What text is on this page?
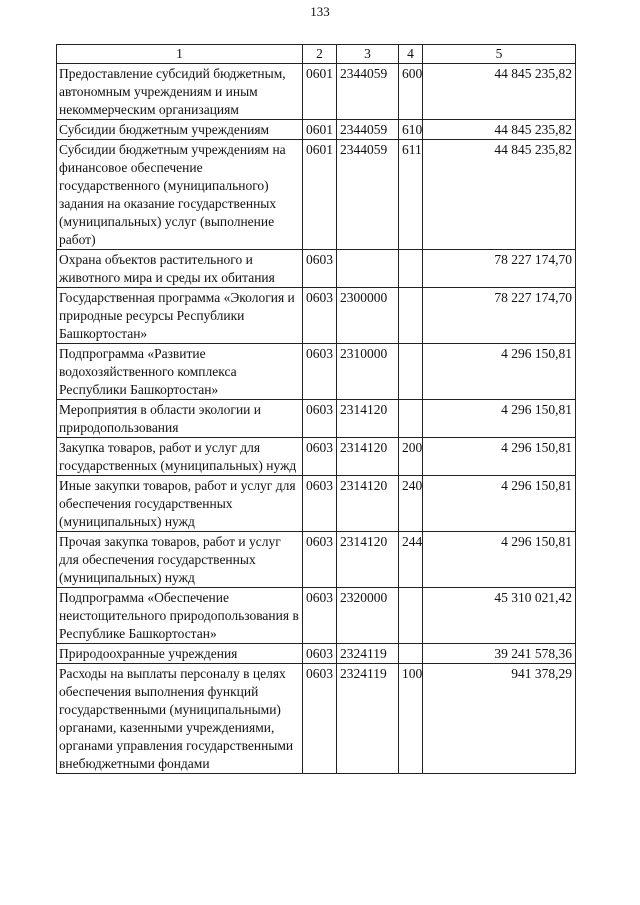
133
1	2	3	4	5
Предоставление субсидий бюджетным, автономным учреждениям и иным некоммерческим организациям	0601	2344059	600	44 845 235,82
Субсидии бюджетным учреждениям	0601	2344059	610	44 845 235,82
Субсидии бюджетным учреждениям на финансовое обеспечение государственного (муниципального) задания на оказание государственных (муниципальных) услуг (выполнение работ)	0601	2344059	611	44 845 235,82
Охрана объектов растительного и животного мира и среды их обитания	0603			78 227 174,70
Государственная программа «Экология и природные ресурсы Республики Башкортостан»	0603	2300000		78 227 174,70
Подпрограмма «Развитие водохозяйственного комплекса Республики Башкортостан»	0603	2310000		4 296 150,81
Мероприятия в области экологии и природопользования	0603	2314120		4 296 150,81
Закупка товаров, работ и услуг для государственных (муниципальных) нужд	0603	2314120	200	4 296 150,81
Иные закупки товаров, работ и услуг для обеспечения государственных (муниципальных) нужд	0603	2314120	240	4 296 150,81
Прочая закупка товаров, работ и услуг для обеспечения государственных (муниципальных) нужд	0603	2314120	244	4 296 150,81
Подпрограмма «Обеспечение неистощительного природопользования в Республике Башкортостан»	0603	2320000		45 310 021,42
Природоохранные учреждения	0603	2324119		39 241 578,36
Расходы на выплаты персоналу в целях обеспечения выполнения функций государственными (муниципальными) органами, казенными учреждениями, органами управления государственными внебюджетными фондами	0603	2324119	100	941 378,29
